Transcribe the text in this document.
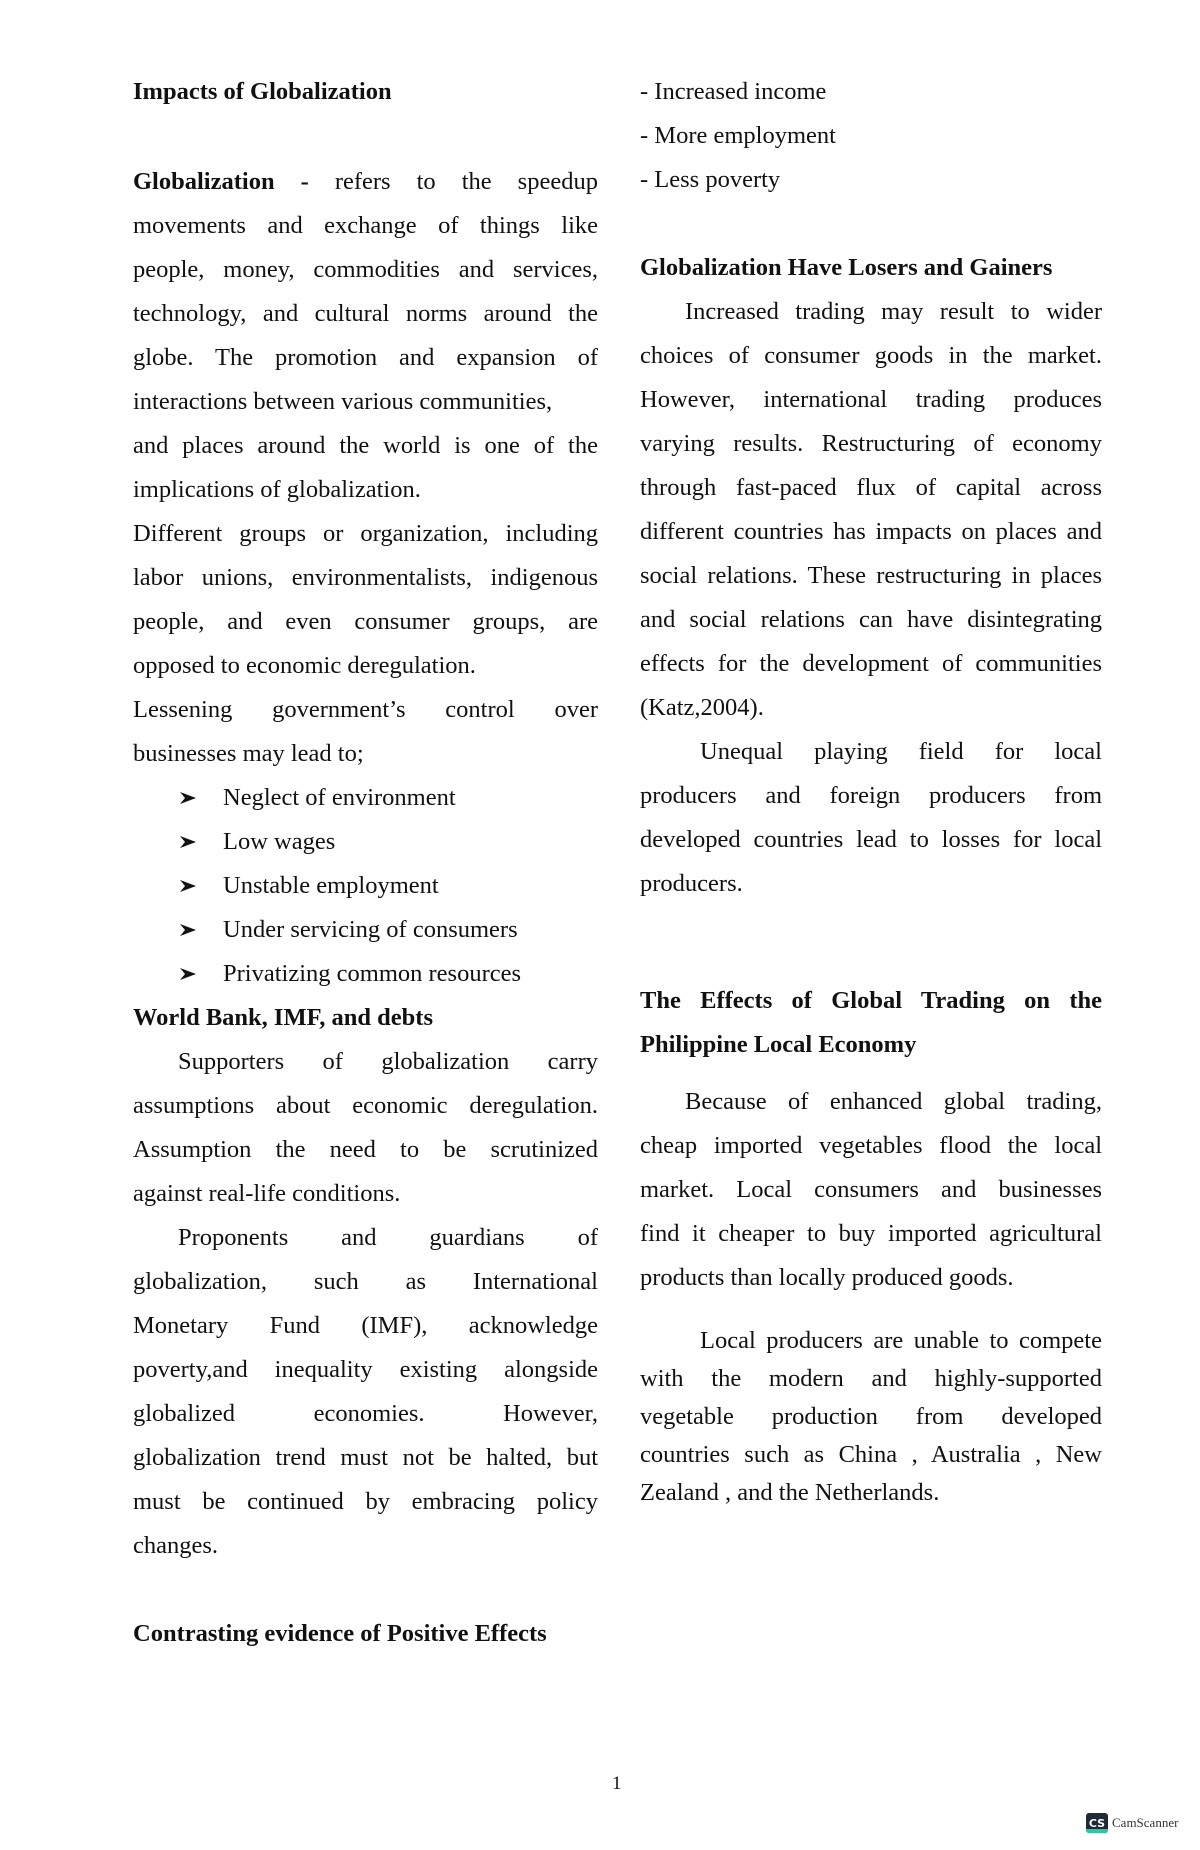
Impacts of Globalization
Globalization - refers to the speedup
movements and exchange of things like
people, money, commodities and services,
technology, and cultural norms around the
globe. The promotion and expansion of
interactions between various communities,
and places around the world is one of the
implications of globalization.
Different groups or organization, including
labor unions, environmentalists, indigenous
people, and even consumer groups, are
opposed to economic deregulation.
Lessening government’s control over
businesses may lead to;
Neglect of environment
Low wages
Unstable employment
Under servicing of consumers
Privatizing common resources
World Bank, IMF, and debts
Supporters of globalization carry
assumptions about economic deregulation.
Assumption the need to be scrutinized
against real-life conditions.
Proponents and guardians of
globalization, such as International
Monetary Fund (IMF), acknowledge
poverty,and inequality existing alongside
globalized economies. However,
globalization trend must not be halted, but
must be continued by embracing policy
changes.
Contrasting evidence of Positive Effects
- Increased income
- More employment
- Less poverty
Globalization Have Losers and Gainers
Increased trading may result to wider
choices of consumer goods in the market.
However, international trading produces
varying results. Restructuring of economy
through fast-paced flux of capital across
different countries has impacts on places and
social relations. These restructuring in places
and social relations can have disintegrating
effects for the development of communities
(Katz,2004).
Unequal playing field for local
producers and foreign producers from
developed countries lead to losses for local
producers.
The Effects of Global Trading on the
Philippine Local Economy
Because of enhanced global trading,
cheap imported vegetables flood the local
market. Local consumers and businesses
find it cheaper to buy imported agricultural
products than locally produced goods.
Local producers are unable to compete
with the modern and highly-supported
vegetable production from developed
countries such as China , Australia , New
Zealand , and the Netherlands.
1
CS CamScanner
